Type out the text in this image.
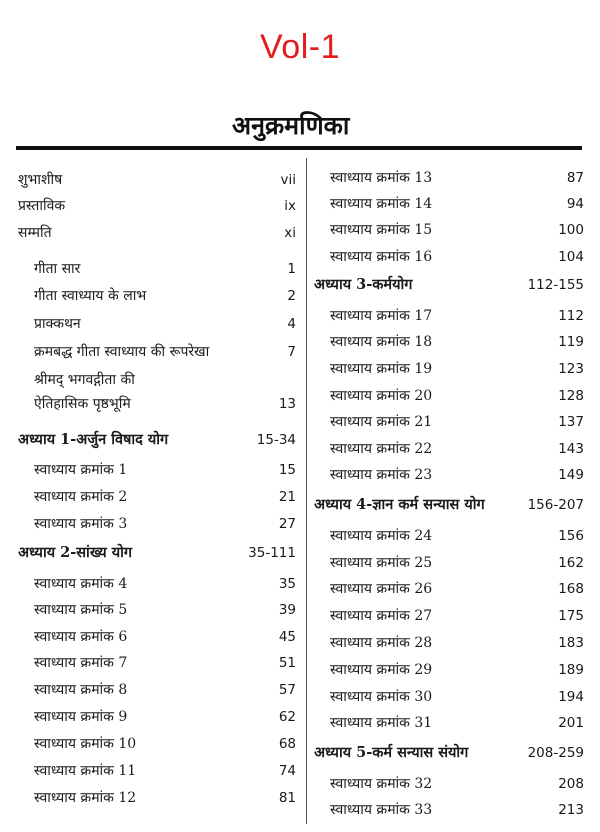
Vol-1
अनुक्रमणिका
शुभाशीष	vii
प्रस्ताविक	ix
सम्मति	xi
गीता सार	1
गीता स्वाध्याय के लाभ	2
प्राक्कथन	4
क्रमबद्ध गीता स्वाध्याय की रूपरेखा	7
श्रीमद् भगवद्गीता की
ऐतिहासिक पृष्ठभूमि	13
अध्याय 1-अर्जुन विषाद योग	15-34
स्वाध्याय क्रमांक 1	15
स्वाध्याय क्रमांक 2	21
स्वाध्याय क्रमांक 3	27
अध्याय 2-सांख्य योग	35-111
स्वाध्याय क्रमांक 4	35
स्वाध्याय क्रमांक 5	39
स्वाध्याय क्रमांक 6	45
स्वाध्याय क्रमांक 7	51
स्वाध्याय क्रमांक 8	57
स्वाध्याय क्रमांक 9	62
स्वाध्याय क्रमांक 10	68
स्वाध्याय क्रमांक 11	74
स्वाध्याय क्रमांक 12	81
स्वाध्याय क्रमांक 13	87
स्वाध्याय क्रमांक 14	94
स्वाध्याय क्रमांक 15	100
स्वाध्याय क्रमांक 16	104
अध्याय 3-कर्मयोग	112-155
स्वाध्याय क्रमांक 17	112
स्वाध्याय क्रमांक 18	119
स्वाध्याय क्रमांक 19	123
स्वाध्याय क्रमांक 20	128
स्वाध्याय क्रमांक 21	137
स्वाध्याय क्रमांक 22	143
स्वाध्याय क्रमांक 23	149
अध्याय 4-ज्ञान कर्म सन्यास योग	156-207
स्वाध्याय क्रमांक 24	156
स्वाध्याय क्रमांक 25	162
स्वाध्याय क्रमांक 26	168
स्वाध्याय क्रमांक 27	175
स्वाध्याय क्रमांक 28	183
स्वाध्याय क्रमांक 29	189
स्वाध्याय क्रमांक 30	194
स्वाध्याय क्रमांक 31	201
अध्याय 5-कर्म सन्यास संयोग	208-259
स्वाध्याय क्रमांक 32	208
स्वाध्याय क्रमांक 33	213
